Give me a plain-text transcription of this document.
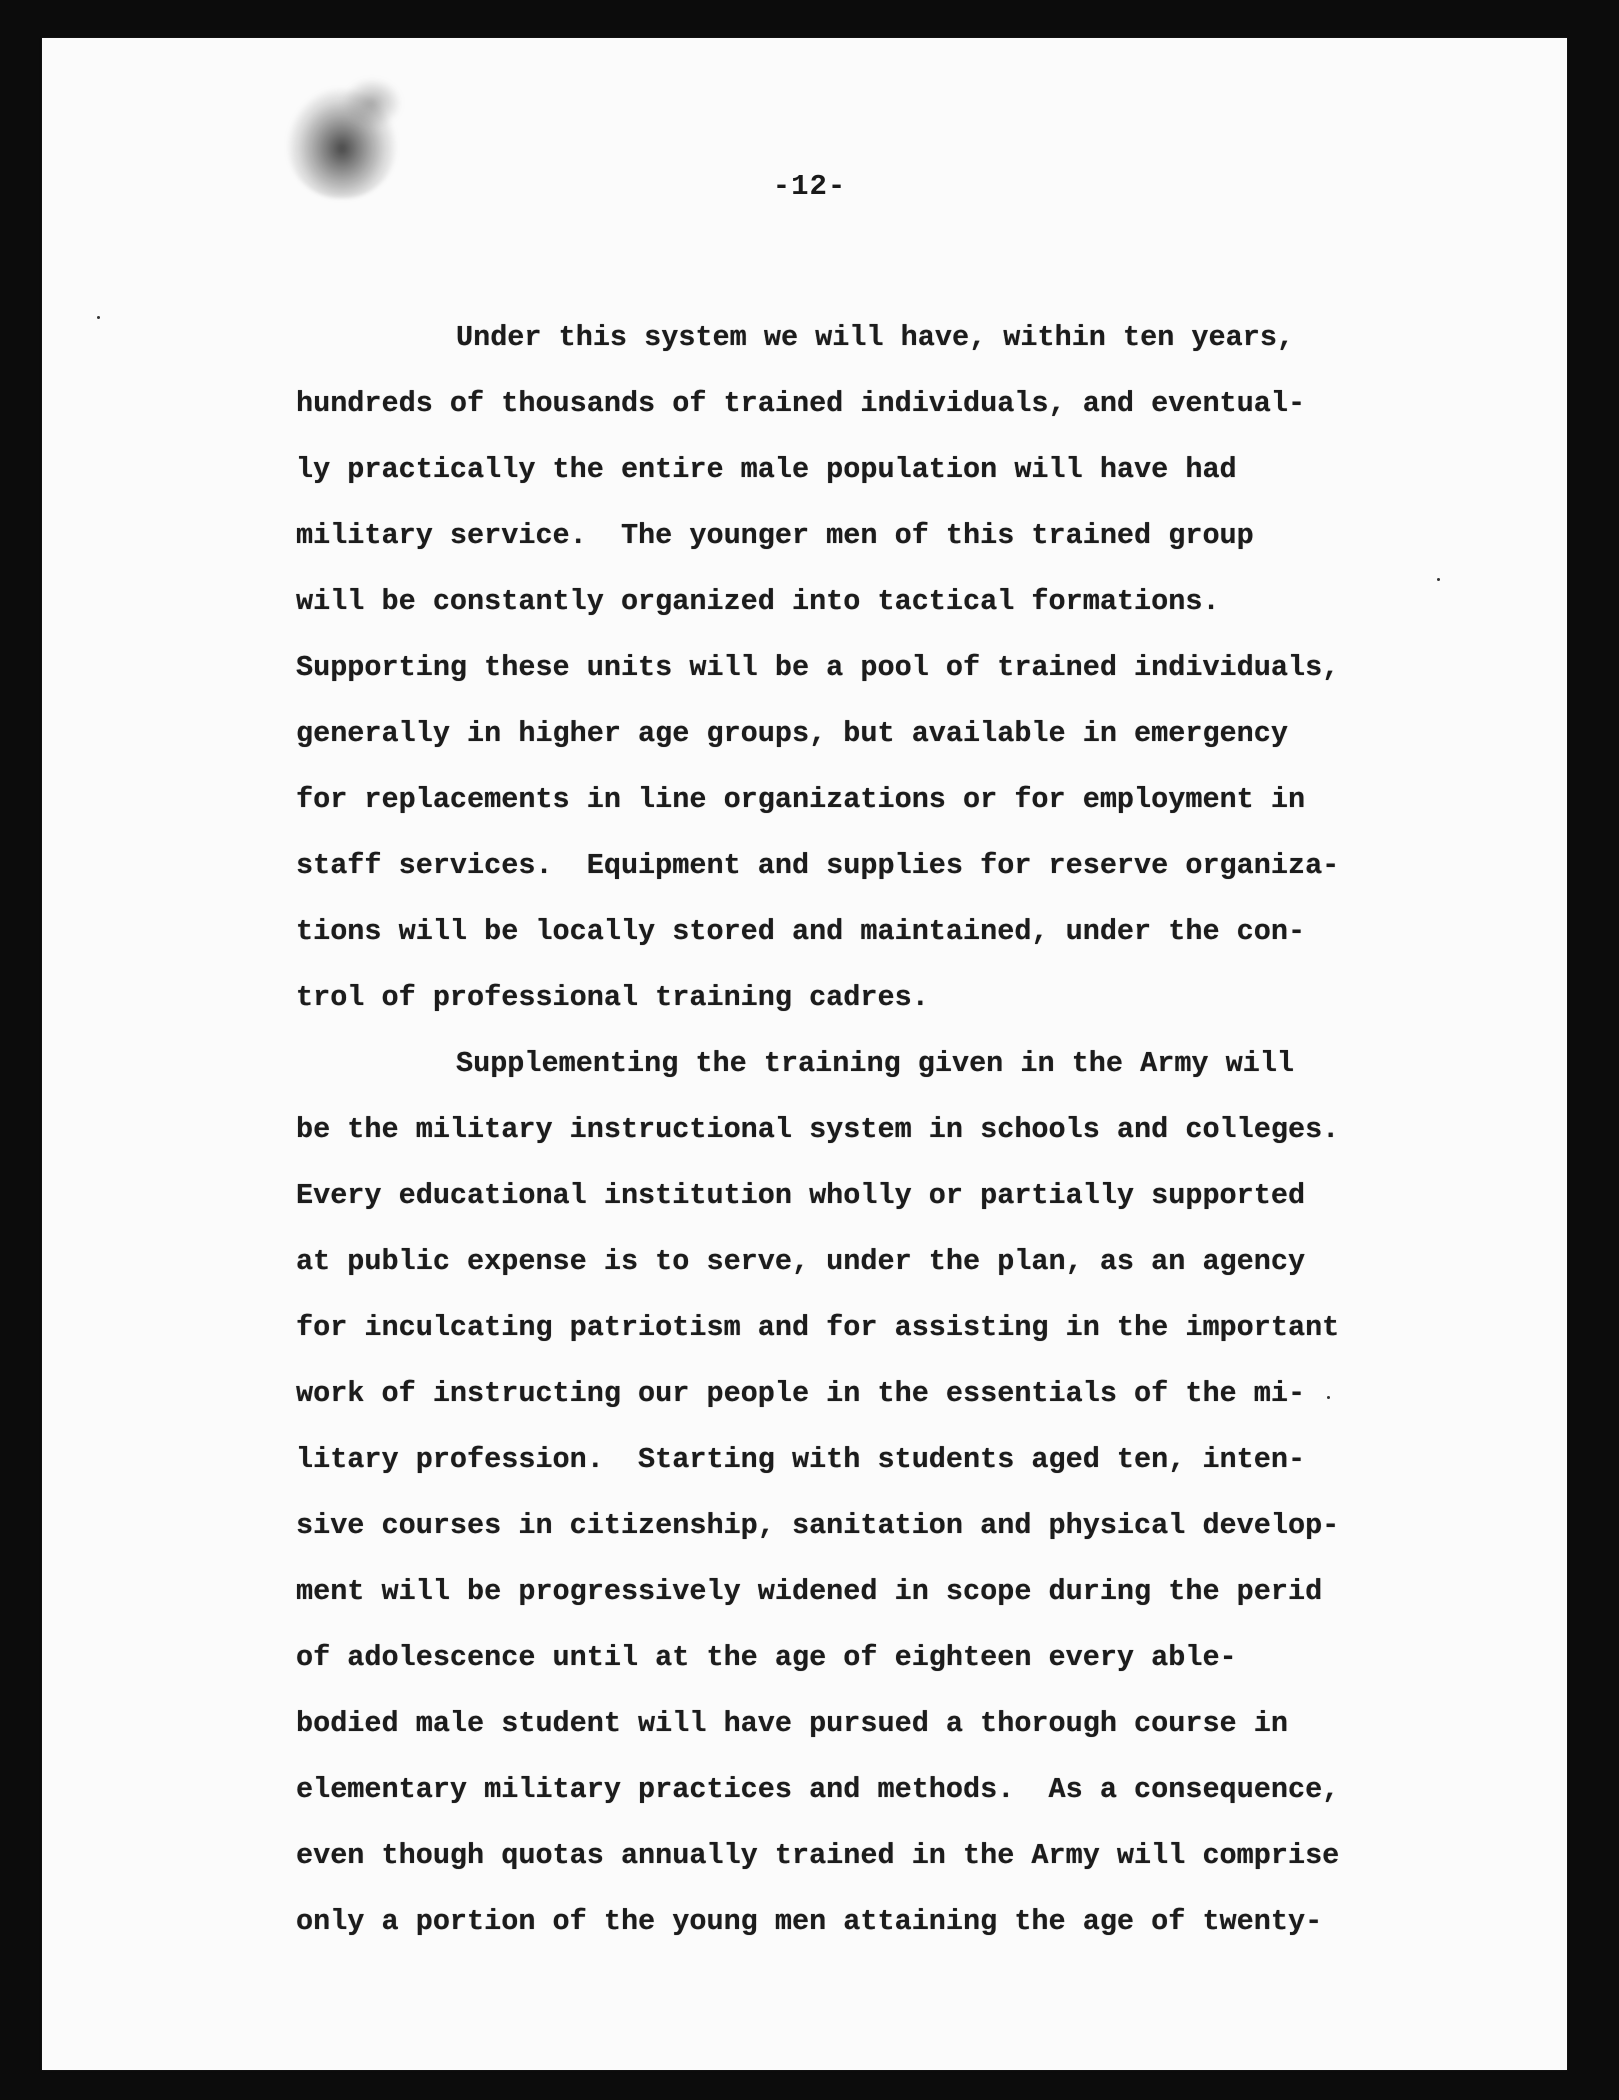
-12-
Under this system we will have, within ten years,
hundreds of thousands of trained individuals, and eventual-
ly practically the entire male population will have had
military service.  The younger men of this trained group
will be constantly organized into tactical formations.
Supporting these units will be a pool of trained individuals,
generally in higher age groups, but available in emergency
for replacements in line organizations or for employment in
staff services.  Equipment and supplies for reserve organiza-
tions will be locally stored and maintained, under the con-
trol of professional training cadres.
Supplementing the training given in the Army will
be the military instructional system in schools and colleges.
Every educational institution wholly or partially supported
at public expense is to serve, under the plan, as an agency
for inculcating patriotism and for assisting in the important
work of instructing our people in the essentials of the mi-
litary profession.  Starting with students aged ten, inten-
sive courses in citizenship, sanitation and physical develop-
ment will be progressively widened in scope during the perid
of adolescence until at the age of eighteen every able-
bodied male student will have pursued a thorough course in
elementary military practices and methods.  As a consequence,
even though quotas annually trained in the Army will comprise
only a portion of the young men attaining the age of twenty-
